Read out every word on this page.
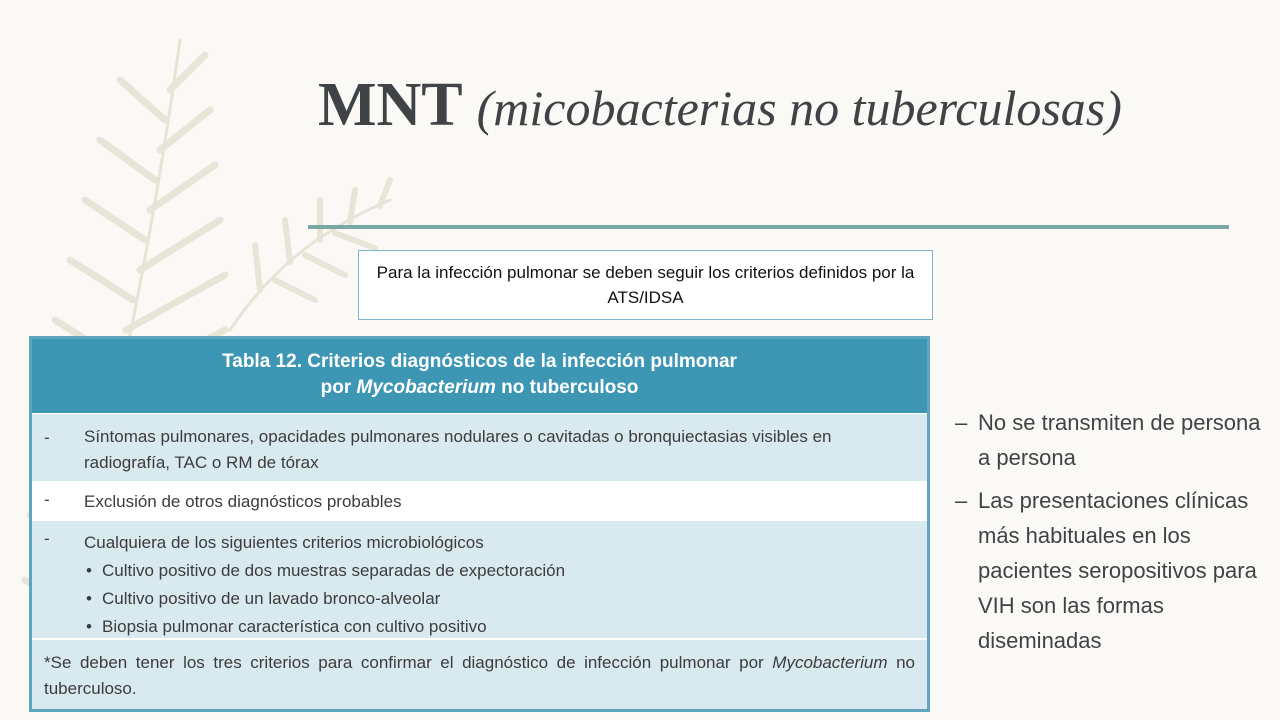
MNT (micobacterias no tuberculosas)
Para la infección pulmonar se deben seguir los criterios definidos por la ATS/IDSA
Tabla 12. Criterios diagnósticos de la infección pulmonar
por Mycobacterium no tuberculoso
-	Síntomas pulmonares, opacidades pulmonares nodulares o cavitadas o bronquiectasias visibles en radiografía, TAC o RM de tórax
-	Exclusión de otros diagnósticos probables
- Cualquiera de los siguientes criterios microbiológicos
• Cultivo positivo de dos muestras separadas de expectoración
• Cultivo positivo de un lavado bronco-alveolar
• Biopsia pulmonar característica con cultivo positivo
*Se deben tener los tres criterios para confirmar el diagnóstico de infección pulmonar por Mycobacterium no tuberculoso.
– No se transmiten de persona a persona
– Las presentaciones clínicas más habituales en los pacientes seropositivos para VIH son las formas diseminadas
